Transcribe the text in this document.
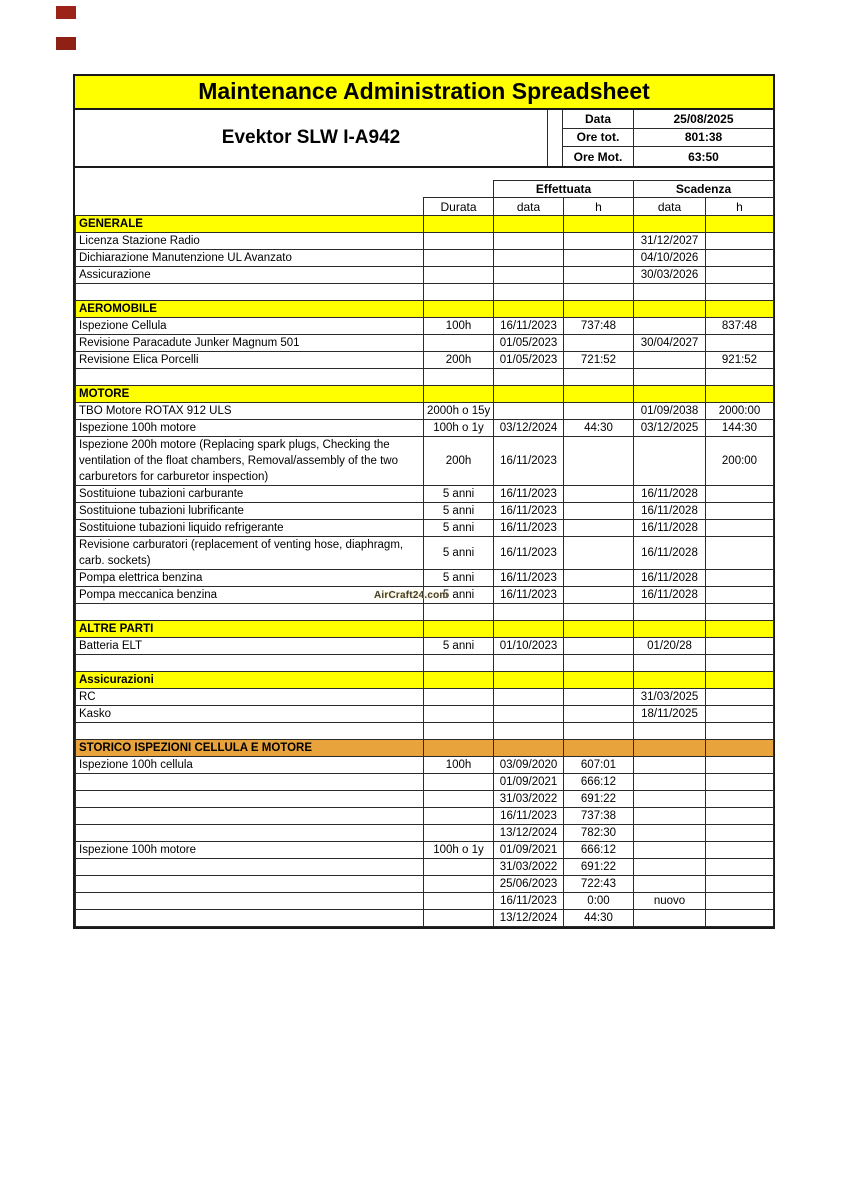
Maintenance Administration Spreadsheet
Evektor SLW I-A942
Data	25/08/2025
Ore tot.	801:38
Ore Mot.	63:50
		Effettuata		Scadenza	
	Durata	data	h	data	h
GENERALE					
Licenza Stazione Radio				31/12/2027	
Dichiarazione Manutenzione UL Avanzato				04/10/2026	
Assicurazione				30/03/2026	

AEROMOBILE					
Ispezione Cellula	100h	16/11/2023	737:48		837:48
Revisione Paracadute Junker Magnum 501		01/05/2023		30/04/2027	
Revisione Elica Porcelli	200h	01/05/2023	721:52		921:52

MOTORE					
TBO Motore ROTAX 912 ULS	2000h o 15y			01/09/2038	2000:00
Ispezione 100h motore	100h o 1y	03/12/2024	44:30	03/12/2025	144:30
Ispezione 200h motore (Replacing spark plugs, Checking the ventilation of the float chambers, Removal/assembly of the two carburetors for carburetor inspection)	200h	16/11/2023			200:00
Sostituione tubazioni carburante	5 anni	16/11/2023		16/11/2028	
Sostituione tubazioni lubrificante	5 anni	16/11/2023		16/11/2028	
Sostituione tubazioni liquido refrigerante	5 anni	16/11/2023		16/11/2028	
Revisione carburatori (replacement of venting hose, diaphragm, carb. sockets)	5 anni	16/11/2023		16/11/2028	
Pompa elettrica benzina	5 anni	16/11/2023		16/11/2028	
Pompa meccanica benzina	5 anni	16/11/2023		16/11/2028	

ALTRE PARTI					
Batteria ELT	5 anni	01/10/2023		01/20/28	

Assicurazioni					
RC				31/03/2025	
Kasko				18/11/2025	

STORICO ISPEZIONI CELLULA E MOTORE					
Ispezione 100h cellula	100h	03/09/2020	607:01		
		01/09/2021	666:12		
		31/03/2022	691:22		
		16/11/2023	737:38		
		13/12/2024	782:30		
Ispezione 100h motore	100h o 1y	01/09/2021	666:12		
		31/03/2022	691:22		
		25/06/2023	722:43		
		16/11/2023	0:00	nuovo	
		13/12/2024	44:30		
AirCraft24.com
